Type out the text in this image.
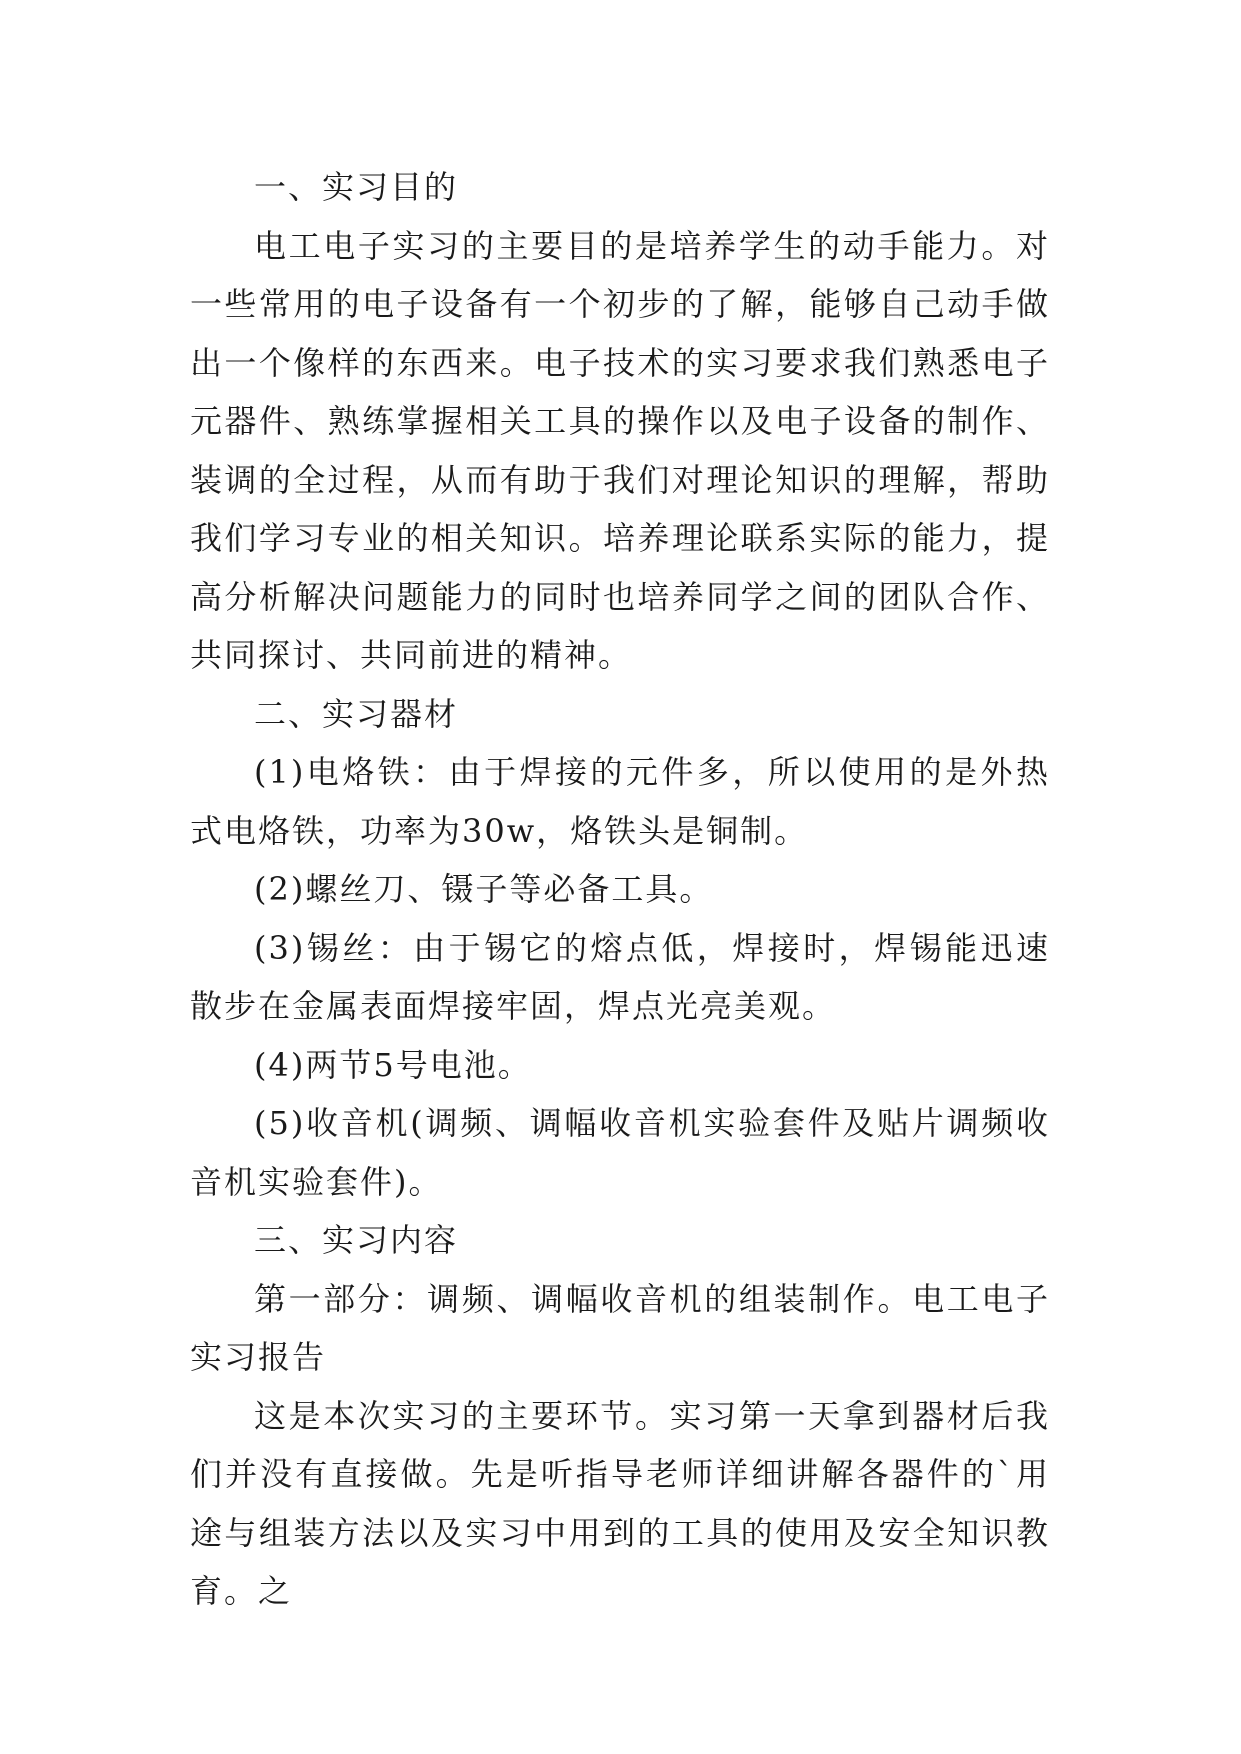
一、实习目的

电工电子实习的主要目的是培养学生的动手能力。对一些常用的电子设备有一个初步的了解，能够自己动手做出一个像样的东西来。电子技术的实习要求我们熟悉电子元器件、熟练掌握相关工具的操作以及电子设备的制作、装调的全过程，从而有助于我们对理论知识的理解，帮助我们学习专业的相关知识。培养理论联系实际的能力，提高分析解决问题能力的同时也培养同学之间的团队合作、共同探讨、共同前进的精神。

二、实习器材

(1)电烙铁：由于焊接的元件多，所以使用的是外热式电烙铁，功率为30w，烙铁头是铜制。

(2)螺丝刀、镊子等必备工具。

(3)锡丝：由于锡它的熔点低，焊接时，焊锡能迅速散步在金属表面焊接牢固，焊点光亮美观。

(4)两节5号电池。

(5)收音机(调频、调幅收音机实验套件及贴片调频收音机实验套件)。

三、实习内容

第一部分：调频、调幅收音机的组装制作。电工电子实习报告

这是本次实习的主要环节。实习第一天拿到器材后我们并没有直接做。先是听指导老师详细讲解各器件的`用途与组装方法以及实习中用到的工具的使用及安全知识教育。之
